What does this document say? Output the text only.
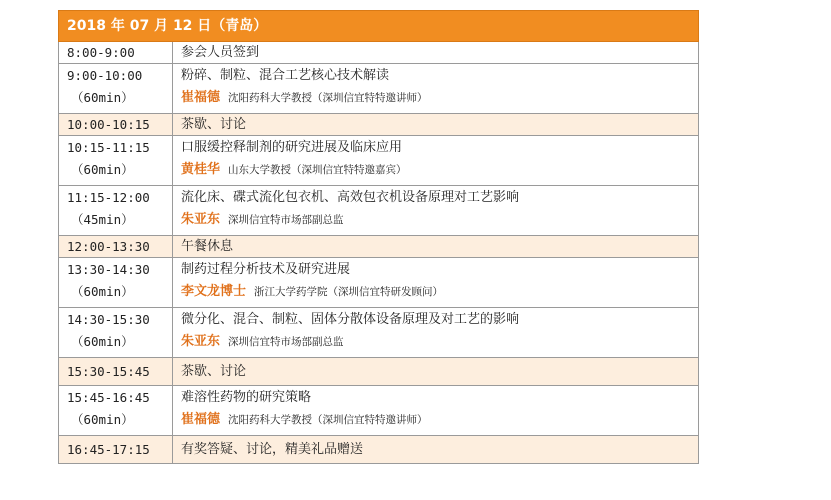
2018 年 07 月 12 日（青岛）	
8:00-9:00	参会人员签到

9:00-10:00
（60min）	粉碎、制粒、混合工艺核心技术解读
崔福德 沈阳药科大学教授（深圳信宜特特邀讲师）

10:00-10:15	茶歇、讨论

10:15-11:15
（60min）	口服缓控释制剂的研究进展及临床应用
黄桂华 山东大学教授（深圳信宜特特邀嘉宾）

11:15-12:00
（45min）	流化床、碟式流化包衣机、高效包衣机设备原理对工艺影响
朱亚东 深圳信宜特市场部副总监

12:00-13:30	午餐休息

13:30-14:30
（60min）	制药过程分析技术及研究进展
李文龙博士 浙江大学药学院（深圳信宜特研发顾问）

14:30-15:30
（60min）	微分化、混合、制粒、固体分散体设备原理及对工艺的影响
朱亚东 深圳信宜特市场部副总监

15:30-15:45	茶歇、讨论

15:45-16:45
（60min）	难溶性药物的研究策略
崔福德 沈阳药科大学教授（深圳信宜特特邀讲师）

16:45-17:15	有奖答疑、讨论，精美礼品赠送
